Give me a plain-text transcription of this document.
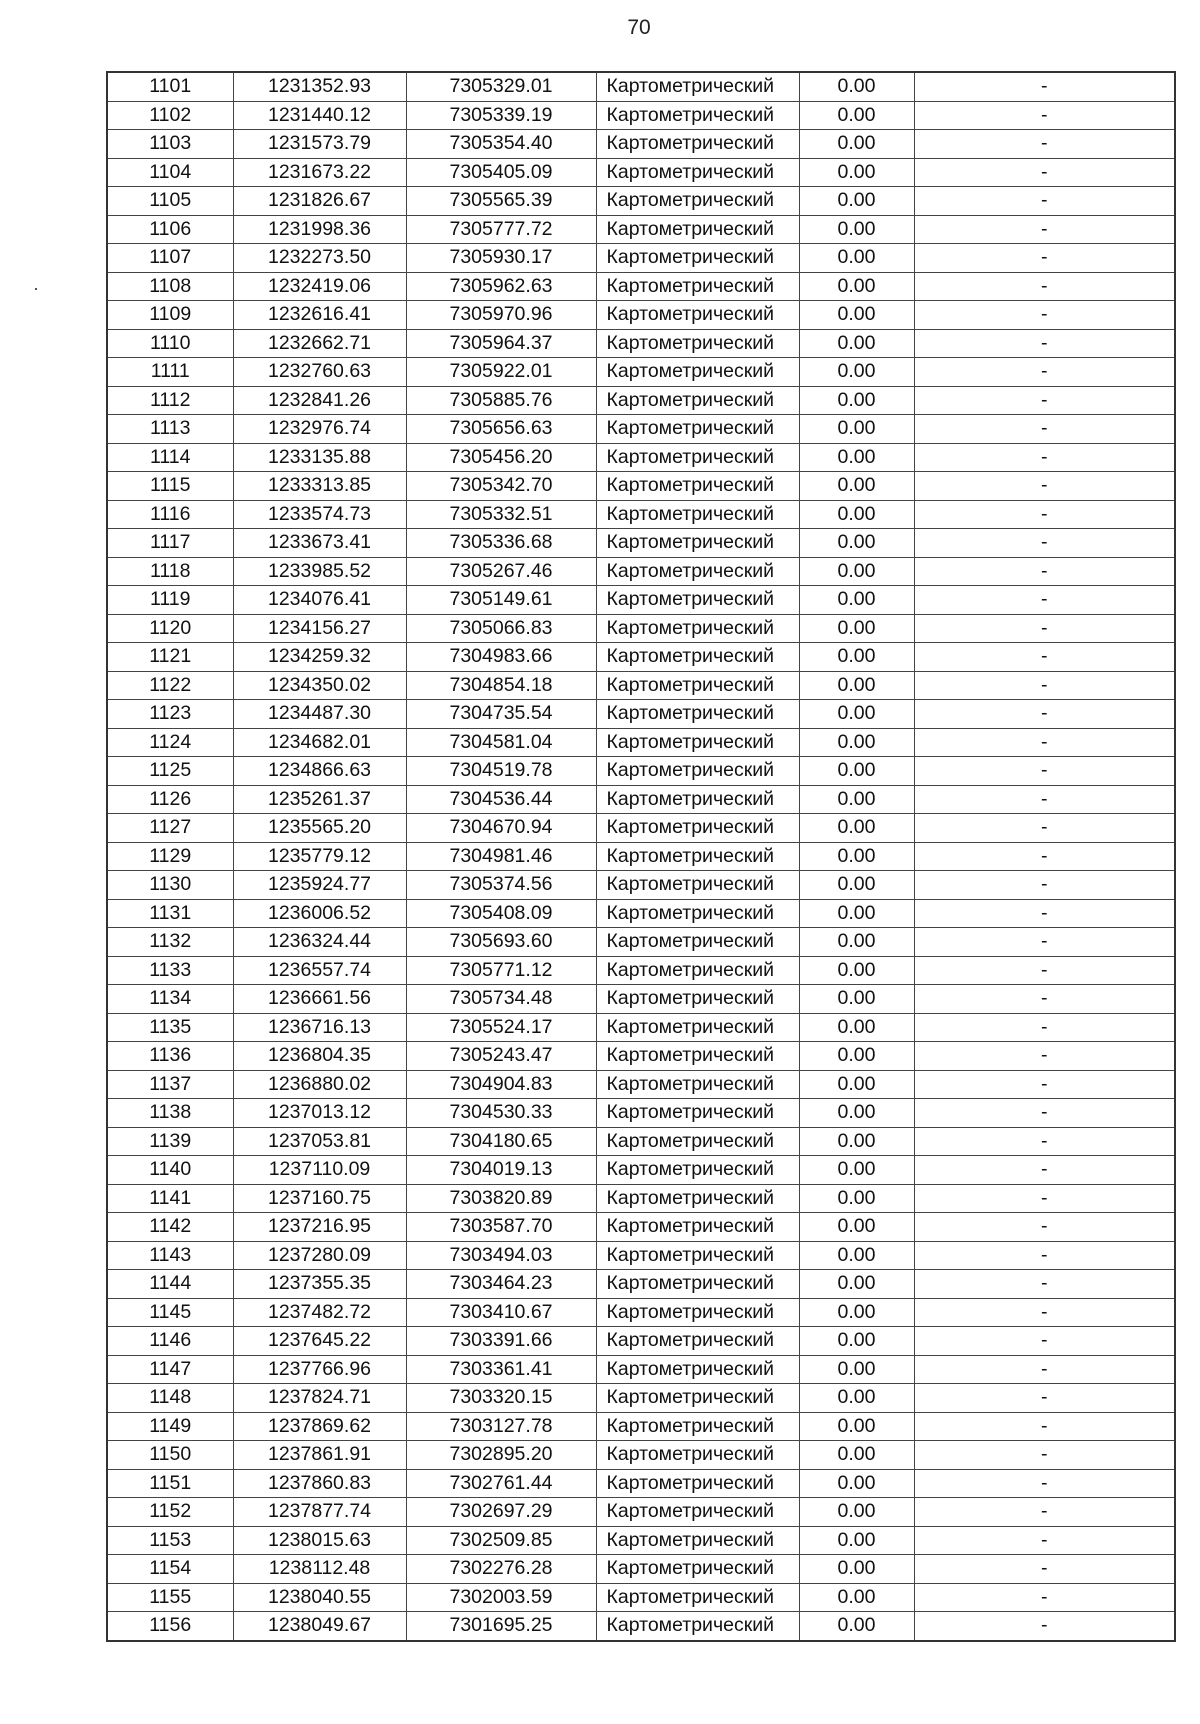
70
1101	1231352.93	7305329.01	Картометрический	0.00	-
1102	1231440.12	7305339.19	Картометрический	0.00	-
1103	1231573.79	7305354.40	Картометрический	0.00	-
1104	1231673.22	7305405.09	Картометрический	0.00	-
1105	1231826.67	7305565.39	Картометрический	0.00	-
1106	1231998.36	7305777.72	Картометрический	0.00	-
1107	1232273.50	7305930.17	Картометрический	0.00	-
1108	1232419.06	7305962.63	Картометрический	0.00	-
1109	1232616.41	7305970.96	Картометрический	0.00	-
1110	1232662.71	7305964.37	Картометрический	0.00	-
1111	1232760.63	7305922.01	Картометрический	0.00	-
1112	1232841.26	7305885.76	Картометрический	0.00	-
1113	1232976.74	7305656.63	Картометрический	0.00	-
1114	1233135.88	7305456.20	Картометрический	0.00	-
1115	1233313.85	7305342.70	Картометрический	0.00	-
1116	1233574.73	7305332.51	Картометрический	0.00	-
1117	1233673.41	7305336.68	Картометрический	0.00	-
1118	1233985.52	7305267.46	Картометрический	0.00	-
1119	1234076.41	7305149.61	Картометрический	0.00	-
1120	1234156.27	7305066.83	Картометрический	0.00	-
1121	1234259.32	7304983.66	Картометрический	0.00	-
1122	1234350.02	7304854.18	Картометрический	0.00	-
1123	1234487.30	7304735.54	Картометрический	0.00	-
1124	1234682.01	7304581.04	Картометрический	0.00	-
1125	1234866.63	7304519.78	Картометрический	0.00	-
1126	1235261.37	7304536.44	Картометрический	0.00	-
1127	1235565.20	7304670.94	Картометрический	0.00	-
1129	1235779.12	7304981.46	Картометрический	0.00	-
1130	1235924.77	7305374.56	Картометрический	0.00	-
1131	1236006.52	7305408.09	Картометрический	0.00	-
1132	1236324.44	7305693.60	Картометрический	0.00	-
1133	1236557.74	7305771.12	Картометрический	0.00	-
1134	1236661.56	7305734.48	Картометрический	0.00	-
1135	1236716.13	7305524.17	Картометрический	0.00	-
1136	1236804.35	7305243.47	Картометрический	0.00	-
1137	1236880.02	7304904.83	Картометрический	0.00	-
1138	1237013.12	7304530.33	Картометрический	0.00	-
1139	1237053.81	7304180.65	Картометрический	0.00	-
1140	1237110.09	7304019.13	Картометрический	0.00	-
1141	1237160.75	7303820.89	Картометрический	0.00	-
1142	1237216.95	7303587.70	Картометрический	0.00	-
1143	1237280.09	7303494.03	Картометрический	0.00	-
1144	1237355.35	7303464.23	Картометрический	0.00	-
1145	1237482.72	7303410.67	Картометрический	0.00	-
1146	1237645.22	7303391.66	Картометрический	0.00	-
1147	1237766.96	7303361.41	Картометрический	0.00	-
1148	1237824.71	7303320.15	Картометрический	0.00	-
1149	1237869.62	7303127.78	Картометрический	0.00	-
1150	1237861.91	7302895.20	Картометрический	0.00	-
1151	1237860.83	7302761.44	Картометрический	0.00	-
1152	1237877.74	7302697.29	Картометрический	0.00	-
1153	1238015.63	7302509.85	Картометрический	0.00	-
1154	1238112.48	7302276.28	Картометрический	0.00	-
1155	1238040.55	7302003.59	Картометрический	0.00	-
1156	1238049.67	7301695.25	Картометрический	0.00	-
